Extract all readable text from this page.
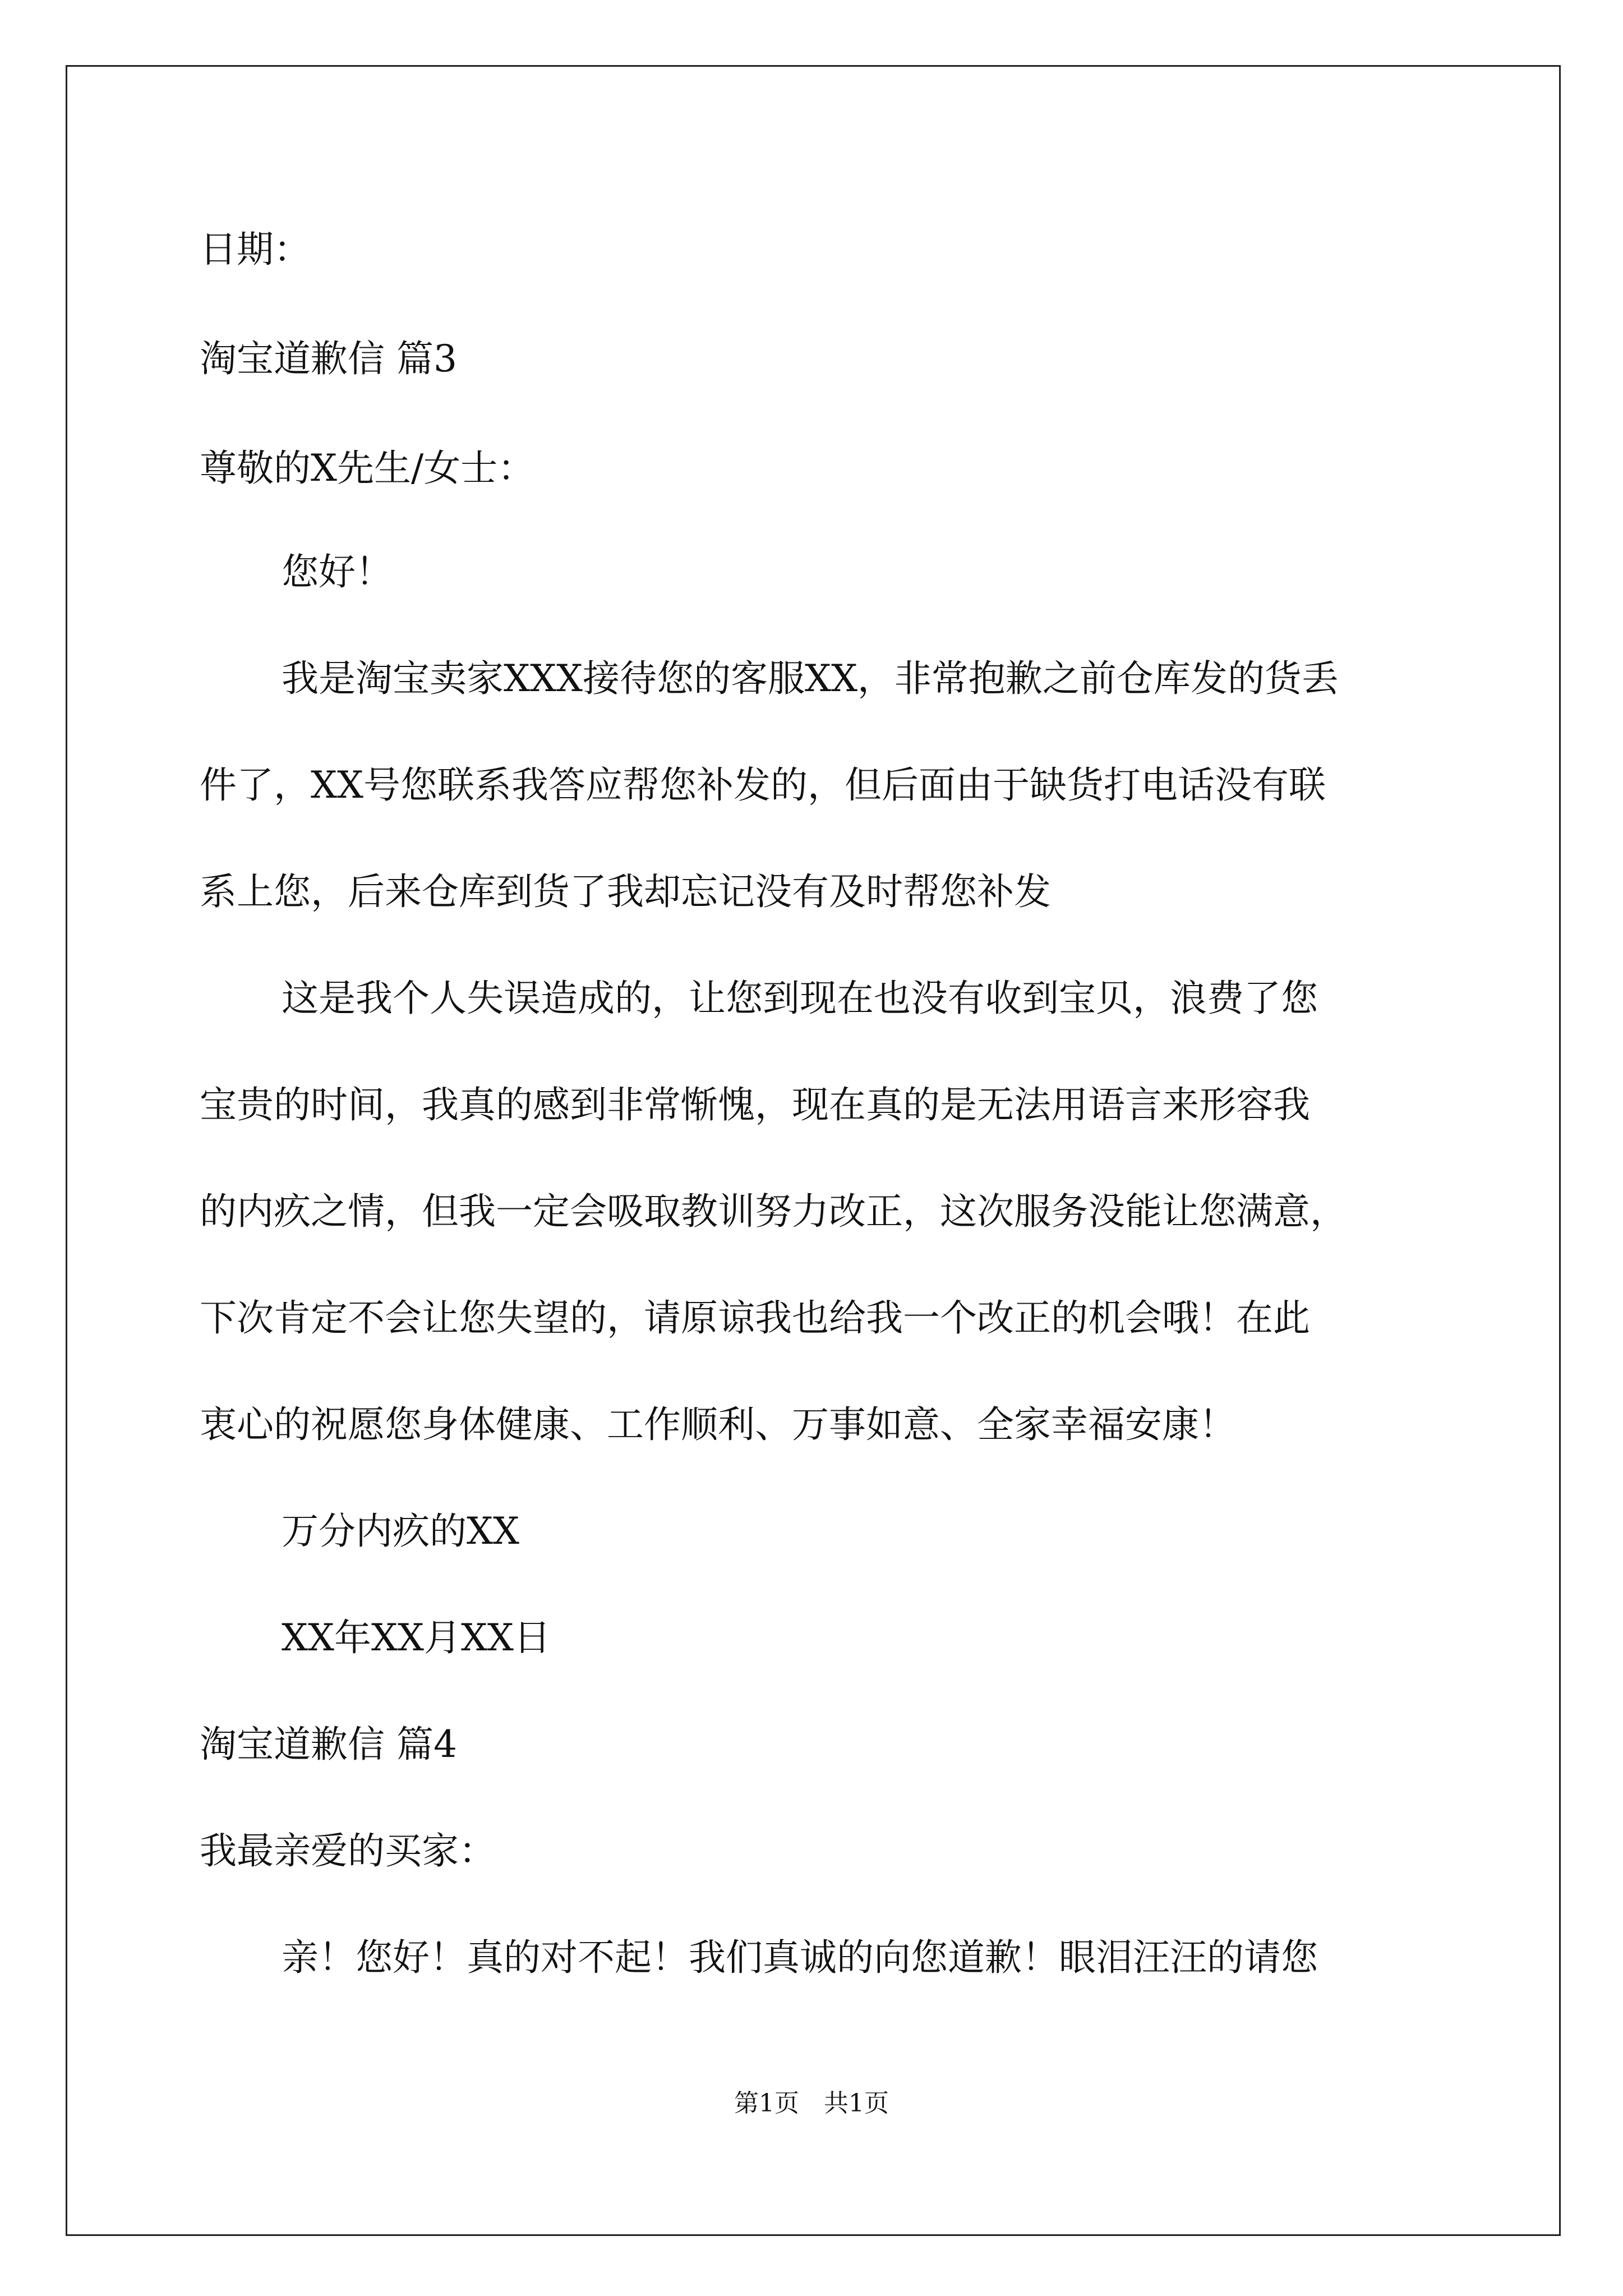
日期：
淘宝道歉信 篇3
尊敬的X先生/女士：
您好！
我是淘宝卖家XXX接待您的客服XX，非常抱歉之前仓库发的货丢
件了，XX号您联系我答应帮您补发的，但后面由于缺货打电话没有联
系上您，后来仓库到货了我却忘记没有及时帮您补发
这是我个人失误造成的，让您到现在也没有收到宝贝，浪费了您
宝贵的时间，我真的感到非常惭愧，现在真的是无法用语言来形容我
的内疚之情，但我一定会吸取教训努力改正，这次服务没能让您满意，
下次肯定不会让您失望的，请原谅我也给我一个改正的机会哦！在此
衷心的祝愿您身体健康、工作顺利、万事如意、全家幸福安康！
万分内疚的XX
XX年XX月XX日
淘宝道歉信 篇4
我最亲爱的买家：
亲！您好！真的对不起！我们真诚的向您道歉！眼泪汪汪的请您
第1页　共1页
